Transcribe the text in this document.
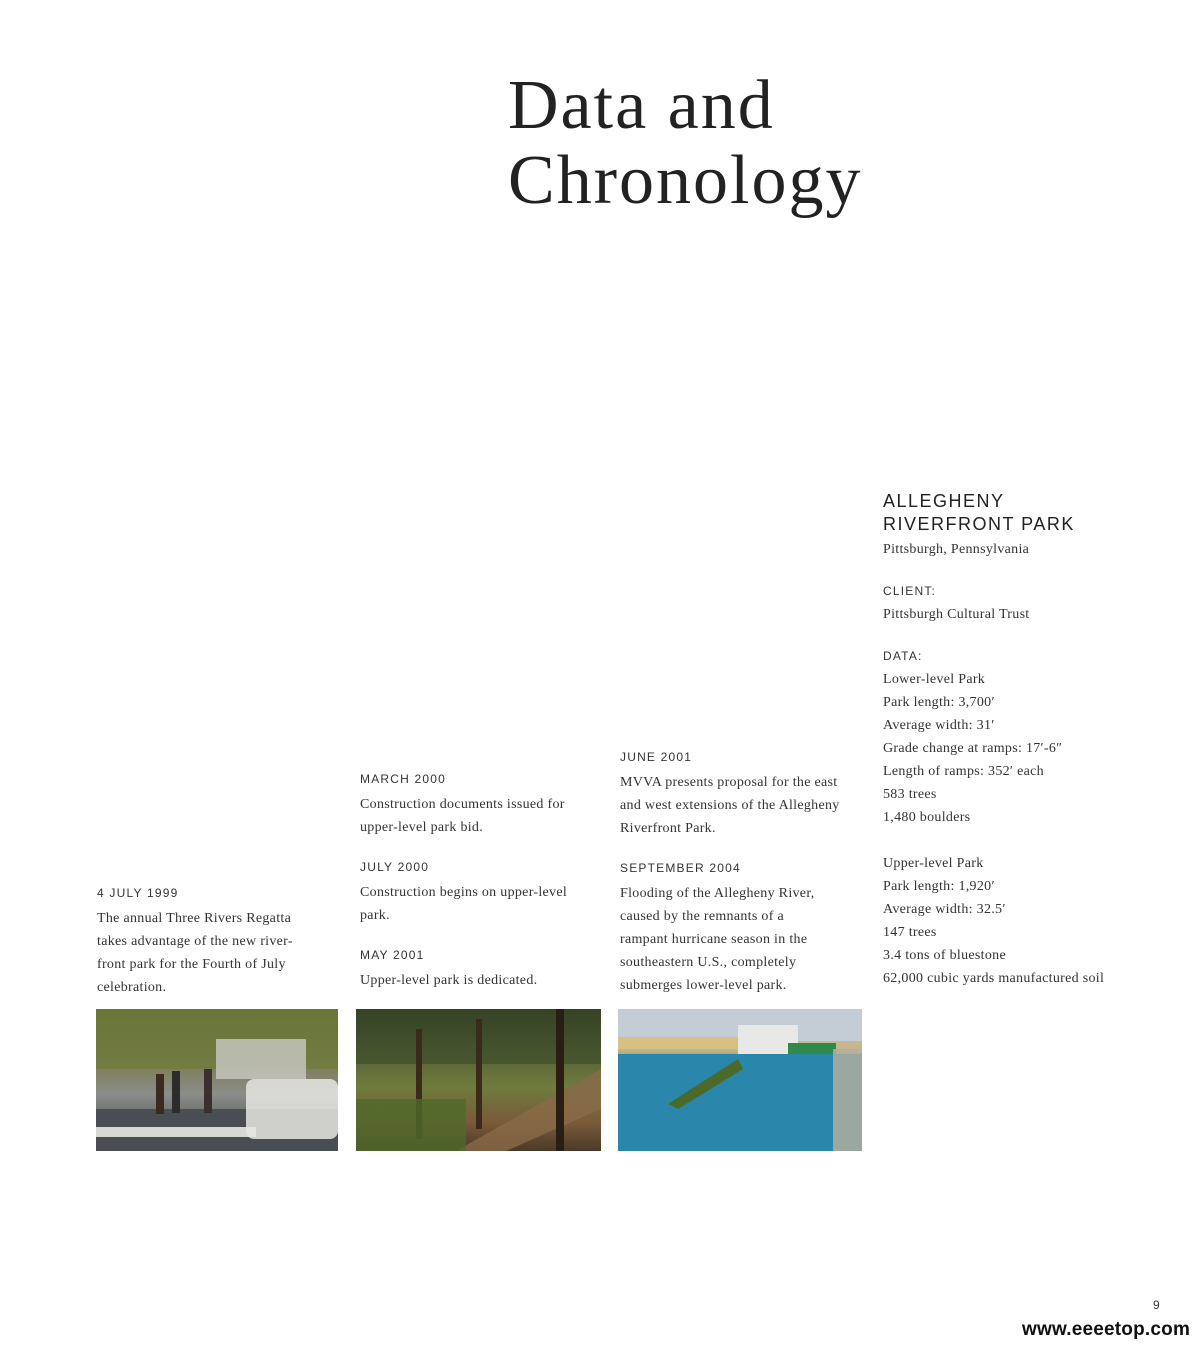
Data and
Chronology
4 JULY 1999
The annual Three Rivers Regatta
takes advantage of the new river-
front park for the Fourth of July
celebration.
MARCH 2000
Construction documents issued for
upper-level park bid.
JULY 2000
Construction begins on upper-level
park.
MAY 2001
Upper-level park is dedicated.
JUNE 2001
MVVA presents proposal for the east
and west extensions of the Allegheny
Riverfront Park.
SEPTEMBER 2004
Flooding of the Allegheny River,
caused by the remnants of a
rampant hurricane season in the
southeastern U.S., completely
submerges lower-level park.
ALLEGHENY
RIVERFRONT PARK
Pittsburgh, Pennsylvania
CLIENT:
Pittsburgh Cultural Trust
DATA:
Lower-level Park
Park length: 3,700′
Average width: 31′
Grade change at ramps: 17′-6″
Length of ramps: 352′ each
583 trees
1,480 boulders
Upper-level Park
Park length: 1,920′
Average width: 32.5′
147 trees
3.4 tons of bluestone
62,000 cubic yards manufactured soil
9
www.eeeetop.com
